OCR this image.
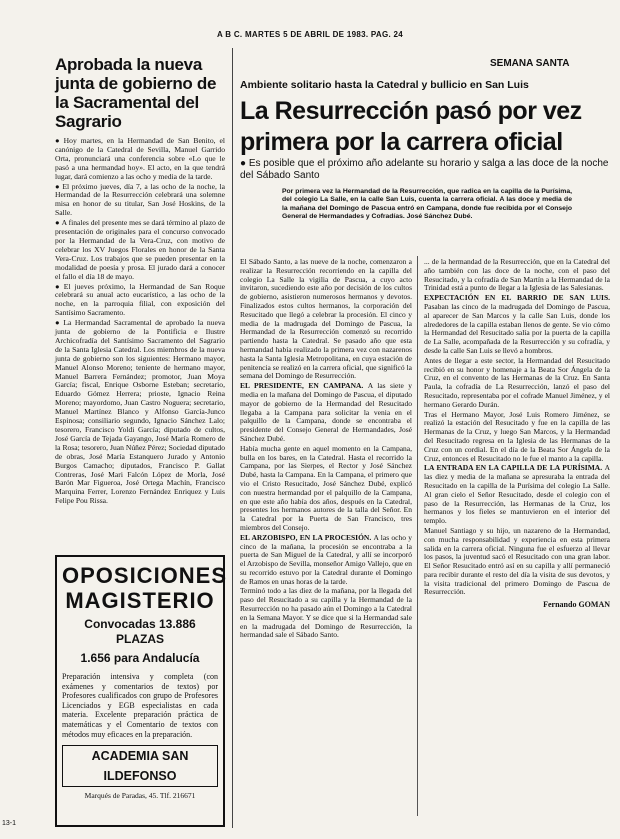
A B C. MARTES 5 DE ABRIL DE 1983. PAG. 24
Aprobada la nueva junta de gobierno de la Sacramental del Sagrario

● Hoy martes, en la Hermandad de San Benito, el canónigo de la Catedral de Sevilla, Manuel Garrido Orta, pronunciará una conferencia sobre «Lo que le pasó a una hermandad hoy». El acto, en la que tendrá lugar, dará comienzo a las ocho y media de la tarde.

● El próximo jueves, día 7, a las ocho de la noche, la Hermandad de la Resurrección celebrará una solemne misa en honor de su titular, San José Hoskins, de la Salle.

● A finales del presente mes se dará término al plazo de presentación de originales para el concurso convocado por la Hermandad de la Vera-Cruz, con motivo de celebrar los XV Juegos Florales en honor de la Santa Vera-Cruz. Los trabajos que se pueden presentar en la modalidad de poesía y prosa. El jurado dará a conocer el fallo el día 18 de mayo.

● El jueves próximo, la Hermandad de San Roque celebrará su anual acto eucarístico, a las ocho de la noche, en la parroquia filial, con exposición del Santísimo Sacramento.

● La Hermandad Sacramental de aprobado la nueva junta de gobierno de la Pontificia e Ilustre Archicofradía del Santísimo Sacramento del Sagrario de la Santa Iglesia Catedral. Los miembros de la nueva junta de gobierno son los siguientes: Hermano mayor, Manuel Alonso Moreno; teniente de hermano mayor, Manuel Barrera Fernández; promotor, Juan Moya García; fiscal, Enrique Osborne Esteban; secretario, Eduardo Gómez Herrera; prioste, Ignacio Reina Moreno; mayordomo, Juan Castro Noguera; secretario, Manuel Martínez Blanco y Alfonso García-Junco Espinosa; consiliario segundo, Ignacio Sánchez Lalo; tesorero, Francisco Yoldi García; diputado de cultos, José García de Tejada Gayango, José María Romero de la Rosa; tesorero, Juan Núñez Pérez; Sociedad diputado de obras, José María Estanquero Jurado y Antonio Burgos Camacho; diputados, Francisco P. Gallat Contreras, José Mari Falcón López de Morla, José Barón Mar Figueroa, José Ortega Machín, Francisco Marquina Ferrer, Lorenzo Fernández Enriquez y Luis Felipe Pou Rissa.

OPOSICIONES
MAGISTERIO
Convocadas 13.886 PLAZAS
1.656 para Andalucía
Preparación intensiva y completa (con exámenes y comentarios de textos) por Profesores cualificados con grupo de Profesores Licenciados y EGB especialistas en cada materia. Excelente preparación práctica de matemáticas y el Comentario de textos con métodos muy eficaces en la preparación.
ACADEMIA SAN ILDEFONSO
Marqués de Paradas, 45. Tlf. 216671
SEMANA SANTA
Ambiente solitario hasta la Catedral y bullicio en San Luis
La Resurrección pasó por vez primera por la carrera oficial
● Es posible que el próximo año adelante su horario y salga a las doce de la noche del Sábado Santo
Por primera vez la Hermandad de la Resurrección, que radica en la capilla de la Purísima, del colegio La Salle, en la calle San Luis, cuenta la carrera oficial. A las doce y media de la mañana del Domingo de Pascua entró en Campana, donde fue recibida por el Consejo General de Hermandades y Cofradías. José Sánchez Dubé.

El Sábado Santo, a las nueve de la noche, comenzaron a realizar la Resurrección recorriendo en la capilla del colegio La Salle la vigilia de Pascua, a cuyo acto invitaron, sucediendo este año por decisión de los cultos de gobierno, asistieron numerosos hermanos y devotos. Finalizados estos cultos hermanos, la corporación del Resucitado que llegó a celebrar la procesión. El cinco y media de la madrugada del Domingo de Pascua, la Hermandad de la Resurrección comenzó su recorrido partiendo hasta la Catedral. Se pasado año que esta hermandad había realizado la primera vez con nazarenos hasta la Santa Iglesia Metropolitana, en cuya estación de penitencia se realizó en la carrera oficial, que significó la semana del Domingo de Resurrección.

EL PRESIDENTE, EN CAMPANA. A las siete y media en la mañana del Domingo de Pascua, el diputado mayor de gobierno de la Hermandad del Resucitado llegaba a la Campana para solicitar la venia en el palquillo de la Campana, donde se encontraba el presidente del Consejo General de Hermandades, José Sánchez Dubé.

Había mucha gente en aquel momento en la Campana, bulla en los bares, en la Catedral. Hasta el recorrido la Campana, por las Sierpes, el Rector y José Sánchez Dubé, hasta la Campana. En la Campana, el primero que vio el Cristo Resucitado, José Sánchez Dubé, explicó con nuestra hermandad por el palquillo de la Campana, en que este año había dos años, después en la Catedral, presentes los hermanos autores de la talla del Señor. En la Catedral por la Puerta de San Francisco, tres miembros del Consejo.

EL ARZOBISPO, EN LA PROCESIÓN. A las ocho y cinco de la mañana, la procesión se encontraba a la puerta de San Miguel de la Catedral, y allí se incorporó el Arzobispo de Sevilla, monseñor Amigo Vallejo, que en su recorrido estuvo por la Catedral durante el Domingo de Ramos en unas horas de la tarde.

Terminó todo a las diez de la mañana, por la llegada del paso del Resucitado a su capilla y la Hermandad de la Resurrección no ha pasado aún el Domingo a la Catedral en la Semana Mayor. Y se dice que si la Hermandad sale en la madrugada del Domingo de Resurrección, la hermandad sale el Sábado Santo.

... de la hermandad de la Resurrección, que en la Catedral del año también con las doce de la noche, con el paso del Resucitado, y la cofradía de San Martín a la Hermandad de la Trinidad está a punto de llegar a la Iglesia de las Salesianas.

EXPECTACIÓN EN EL BARRIO DE SAN LUIS. Pasaban las cinco de la madrugada del Domingo de Pascua, al aparecer de San Marcos y la calle San Luis, donde los alrededores de la capilla estaban llenos de gente. Se vio cómo la Hermandad del Resucitado salía por la puerta de la capilla de La Salle, acompañada de la Resurrección y su cofradía, y desde la calle San Luis se llevó a hombros.

Antes de llegar a este sector, la Hermandad del Resucitado recibió en su honor y homenaje a la Beata Sor Ángela de la Cruz, en el convento de las Hermanas de la Cruz. En Santa Paula, la cofradía de La Resurrección, lanzó el paso del Resucitado, representaba por el cofrade Manuel Jiménez, y el hermano Gerardo Durán.

Tras el Hermano Mayor, José Luis Romero Jiménez, se realizó la estación del Resucitado y fue en la capilla de las Hermanas de la Cruz, y luego San Marcos, y la Hermandad del Resucitado regresa en la Iglesia de las Hermanas de la Cruz con un cordial. En el día de la Beata Sor Ángela de la Cruz, entonces el Resucitado no le fue el manto a la capilla.

LA ENTRADA EN LA CAPILLA DE LA PURÍSIMA. A las diez y media de la mañana se apresuraba la entrada del Resucitado en la capilla de la Purísima del colegio La Salle. Al gran cielo el Señor Resucitado, desde el colegio con el paso de la Resurrección, las Hermanas de la Cruz, los hermanos y los fieles se mantuvieron en el interior del templo.

Manuel Santiago y su hijo, un nazareno de la Hermandad, con mucha responsabilidad y experiencia en esta primera salida en la carrera oficial. Ninguna fue el esfuerzo al llevar los pasos, la juventud sacó el Resucitado con una gran labor. El Señor Resucitado entró así en su capilla y allí permaneció para recibir durante el resto del día la visita de sus devotos, y la visita tradicional del primero Domingo de Pascua de Resurrección.

Fernando GOMAN
13-1
